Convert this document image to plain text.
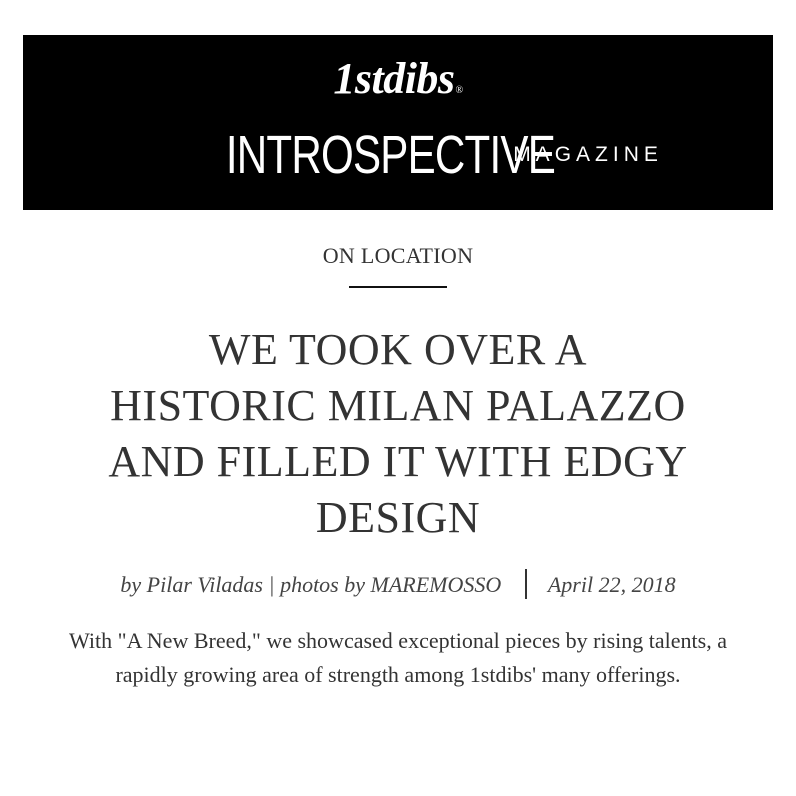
1stdibs®
INTROSPECTIVE MAGAZINE
ON LOCATION
WE TOOK OVER A
HISTORIC MILAN PALAZZO
AND FILLED IT WITH EDGY
DESIGN
by Pilar Viladas | photos by MAREMOSSO April 22, 2018

With "A New Breed," we showcased exceptional pieces by rising talents, a rapidly growing area of strength among 1stdibs' many offerings.
